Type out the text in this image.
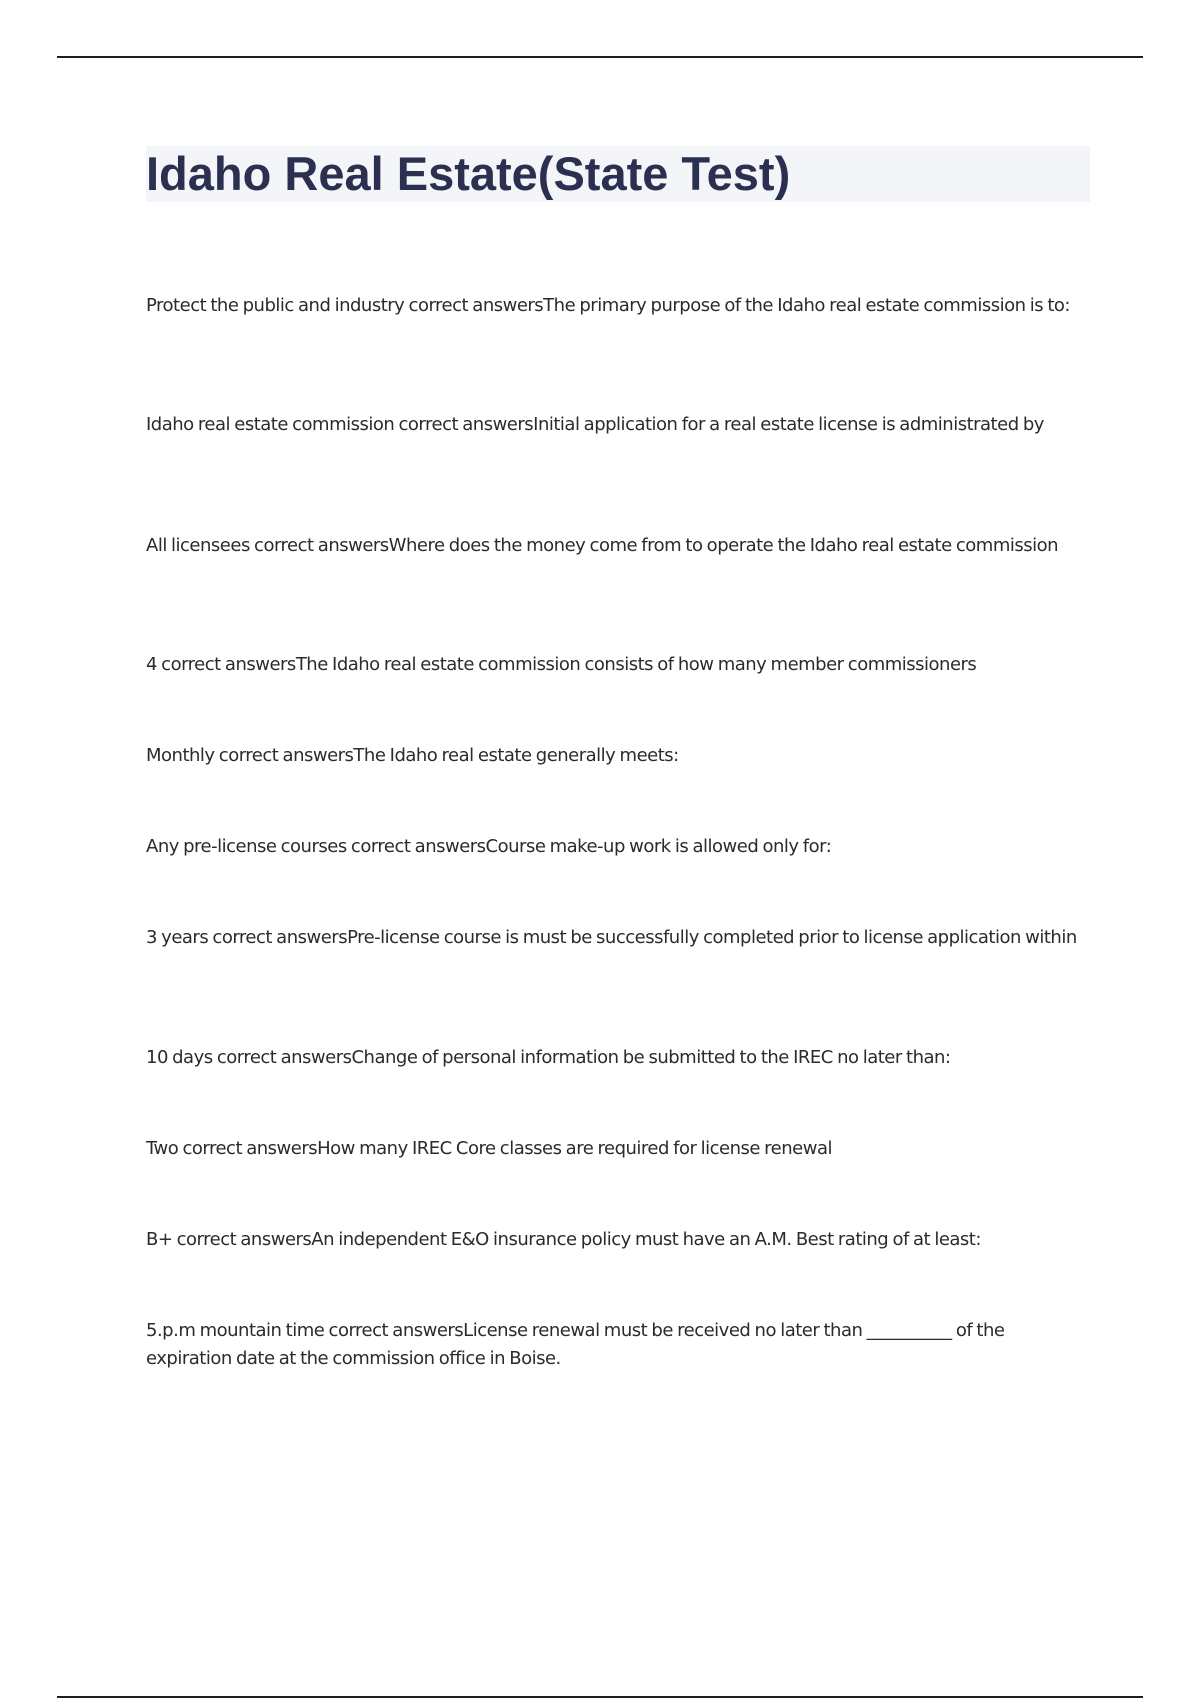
Idaho Real Estate(State Test)

Protect the public and industry correct answersThe primary purpose of the Idaho real estate commission is to:

Idaho real estate commission correct answersInitial application for a real estate license is administrated by

All licensees correct answersWhere does the money come from to operate the Idaho real estate commission

4 correct answersThe Idaho real estate commission consists of how many member commissioners

Monthly correct answersThe Idaho real estate generally meets:

Any pre-license courses correct answersCourse make-up work is allowed only for:

3 years correct answersPre-license course is must be successfully completed prior to license application within

10 days correct answersChange of personal information be submitted to the IREC no later than:

Two correct answersHow many IREC Core classes are required for license renewal

B+ correct answersAn independent E&O insurance policy must have an A.M. Best rating of at least:

5.p.m mountain time correct answersLicense renewal must be received no later than __________ of the expiration date at the commission office in Boise.
